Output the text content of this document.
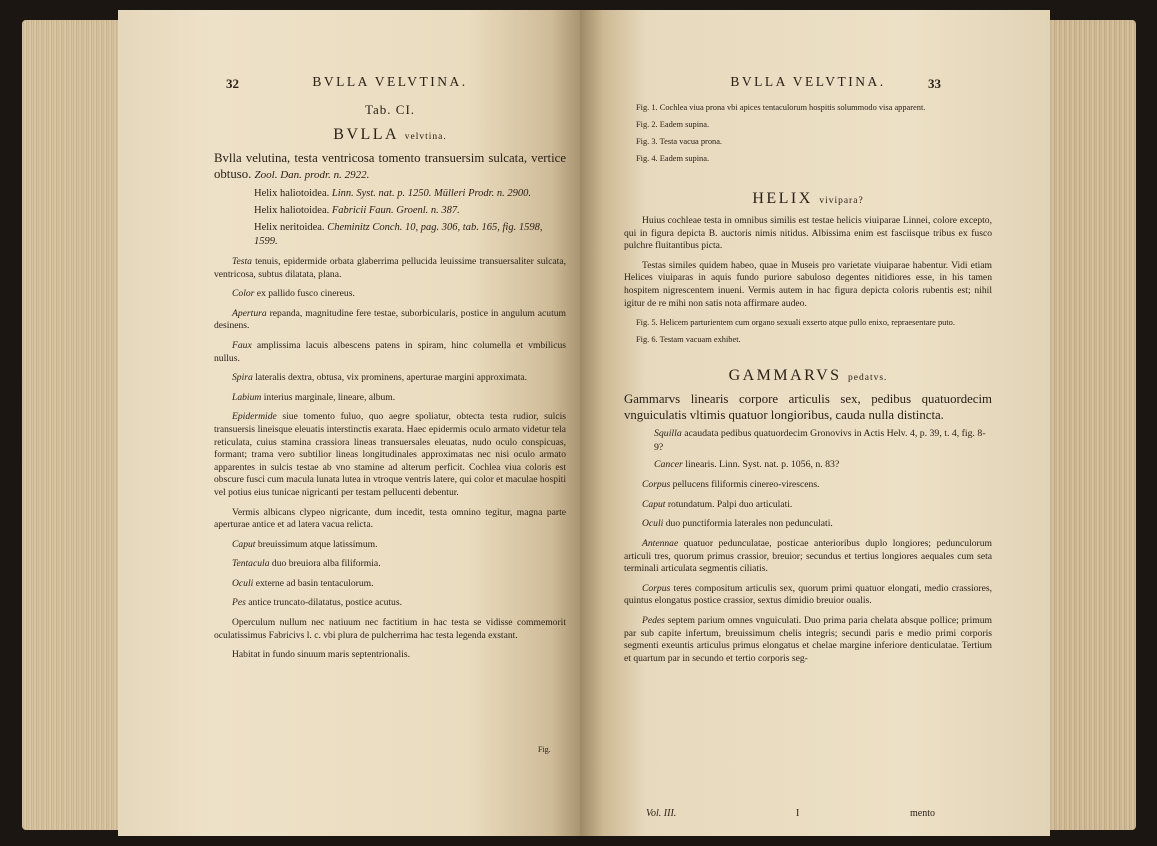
32	BVLLA VELVTINA.
Tab. CI.
BVLLA velvtina.
Bvlla velutina, testa ventricosa tomento transuersim sulcata, vertice obtuso. Zool. Dan. prodr. n. 2922.
Helix haliotoidea. Linn. Syst. nat. p. 1250. Mülleri Prodr. n. 2900.
Helix haliotoidea. Fabricii Faun. Groenl. n. 387.
Helix neritoidea. Cheminitz Conch. 10, pag. 306, tab. 165, fig. 1598, 1599.
Testa tenuis, epidermide orbata glaberrima pellucida leuissime transuersaliter sulcata, ventricosa, subtus dilatata, plana.
Color ex pallido fusco cinereus.
Apertura repanda, magnitudine fere testae, suborbicularis, postice in angulum acutum desinens.
Faux amplissima lacuis albescens patens in spiram, hinc columella et vmbilicus nullus.
Spira lateralis dextra, obtusa, vix prominens, aperturae margini approximata.
Labium interius marginale, lineare, album.
Epidermide siue tomento fuluo, quo aegre spoliatur, obtecta testa rudior, sulcis transuersis lineisque eleuatis interstinctis exarata. Haec epidermis oculo armato videtur tela reticulata, cuius stamina crassiora lineas transuersales eleuatas, nudo oculo conspicuas, formant; trama vero subtilior lineas longitudinales approximatas nec nisi oculo armato apparentes in sulcis testae ab vno stamine ad alterum perficit. Cochlea viua coloris est obscure fusci cum macula lunata lutea in vtroque ventris latere, qui color et maculae hospiti vel potius eius tunicae nigricanti per testam pellucenti debentur.
Vermis albicans clypeo nigricante, dum incedit, testa omnino tegitur, magna parte aperturae antice et ad latera vacua relicta.
Caput breuissimum atque latissimum.
Tentacula duo breuiora alba filiformia.
Oculi externe ad basin tentaculorum.
Pes antice truncato-dilatatus, postice acutus.
Operculum nullum nec natiuum nec factitium in hac testa se vidisse commemorit oculatissimus Fabricivs l. c. vbi plura de pulcherrima hac testa legenda exstant.
Habitat in fundo sinuum maris septentrionalis.
Fig.
33
BVLLA VELVTINA.
Fig. 1. Cochlea viua prona vbi apices tentaculorum hospitis solummodo visa apparent.
Fig. 2. Eadem supina.
Fig. 3. Testa vacua prona.
Fig. 4. Eadem supina.
HELIX vivipara?
Huius cochleae testa in omnibus similis est testae helicis viuiparae Linnei, colore excepto, qui in figura depicta B. auctoris nimis nitidus. Albissima enim est fasciisque tribus ex fusco pulchre fluitantibus picta.
Testas similes quidem habeo, quae in Museis pro varietate viuiparae habentur. Vidi etiam Helices viuiparas in aquis fundo puriore sabuloso degentes nitidiores esse, in his tamen hospitem nigrescentem inueni. Vermis autem in hac figura depicta coloris rubentis est; nihil igitur de re mihi non satis nota affirmare audeo.
Fig. 5. Helicem parturientem cum organo sexuali exserto atque pullo enixo, repraesentare puto.
Fig. 6. Testam vacuam exhibet.
GAMMARVS pedatvs.
Gammarvs linearis corpore articulis sex, pedibus quatuordecim vnguiculatis vltimis quatuor longioribus, cauda nulla distincta.
Squilla acaudata pedibus quatuordecim Gronovivs in Actis Helv. 4, p. 39, t. 4, fig. 8-9?
Cancer linearis. Linn. Syst. nat. p. 1056, n. 83?
Corpus pellucens filiformis cinereo-virescens.
Caput rotundatum. Palpi duo articulati.
Oculi duo punctiformia laterales non pedunculati.
Antennae quatuor pedunculatae, posticae anterioribus duplo longiores; pedunculorum articuli tres, quorum primus crassior, breuior; secundus et tertius longiores aequales cum seta terminali articulata segmentis ciliatis.
Corpus teres compositum articulis sex, quorum primi quatuor elongati, medio crassiores, quintus elongatus postice crassior, sextus dimidio breuior oualis.
Pedes septem parium omnes vnguiculati. Duo prima paria chelata absque pollice; primum par sub capite infertum, breuissimum chelis integris; secundi paris e medio primi corporis segmenti exeuntis articulus primus elongatus et chelae margine inferiore denticulatae. Tertium et quartum par in secundo et tertio corporis seg-
Vol. III.	I	mento
